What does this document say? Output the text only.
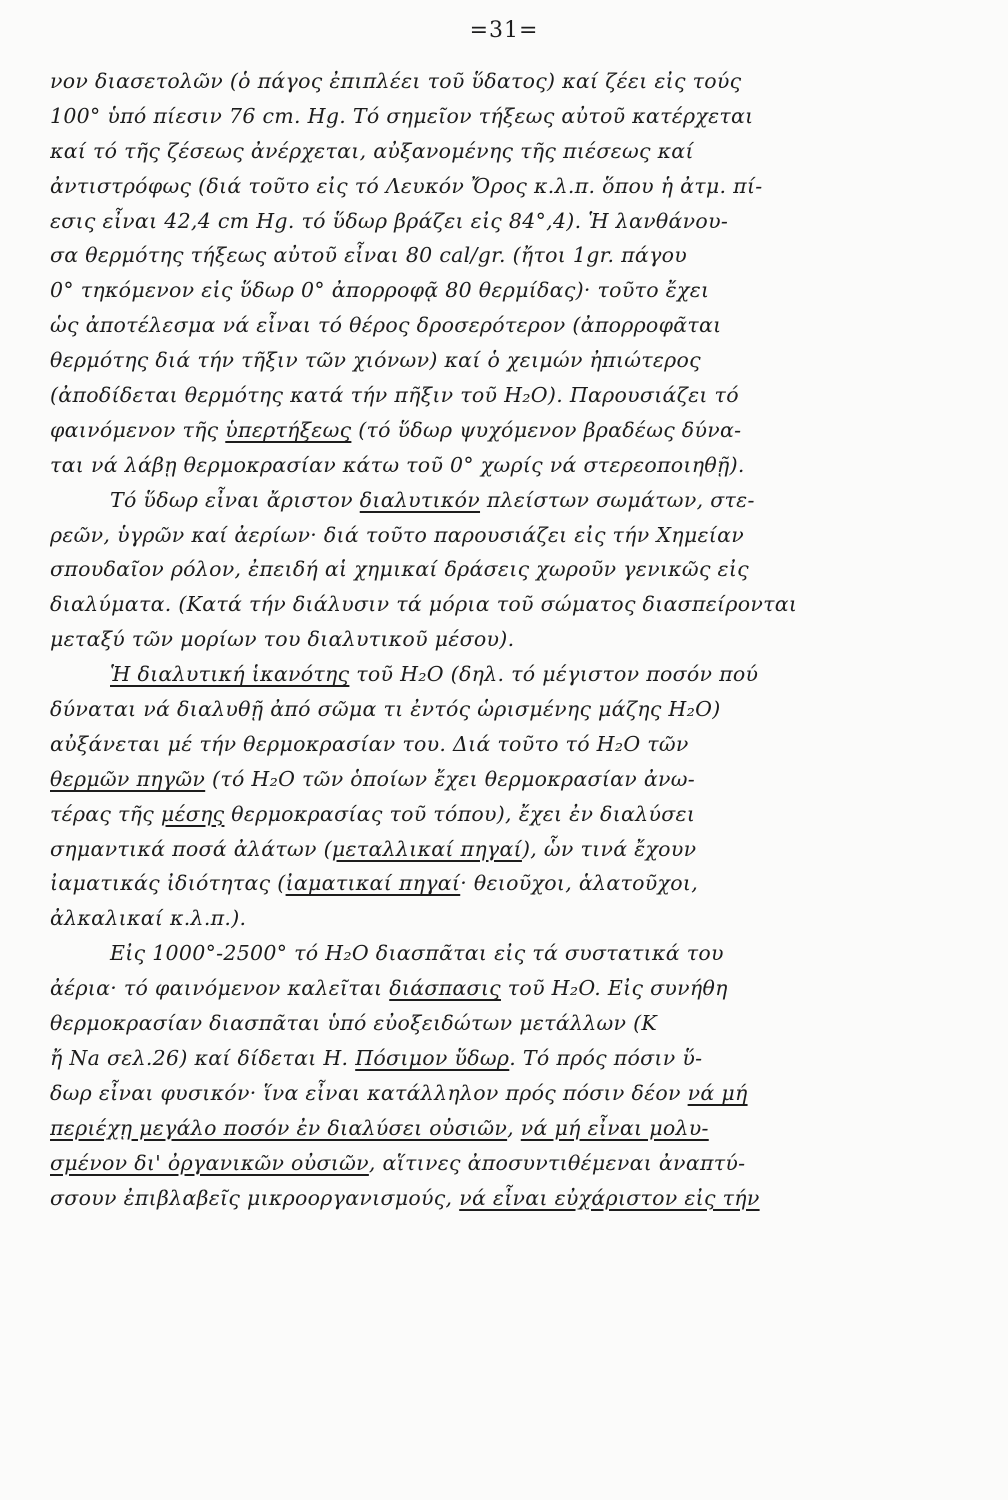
=31=
νον διασετολῶν (ὁ πάγος ἐπιπλέει τοῦ ὕδατος) καί ζέει εἰς τούς
100° ὑπό πίεσιν 76 cm. Hg. Τό σημεῖον τήξεως αὐτοῦ κατέρχεται
καί τό τῆς ζέσεως ἀνέρχεται, αὐξανομένης τῆς πιέσεως καί
ἀντιστρόφως (διά τοῦτο εἰς τό Λευκόν Ὄρος κ.λ.π. ὅπου ἡ ἀτμ. πί-
εσις εἶναι 42,4 cm Hg. τό ὕδωρ βράζει εἰς 84°,4). Ἡ λανθάνου-
σα θερμότης τήξεως αὐτοῦ εἶναι 80 cal/gr. (ἤτοι 1gr. πάγου
0° τηκόμενον εἰς ὕδωρ 0° ἀπορροφᾷ 80 θερμίδας)· τοῦτο ἔχει
ὡς ἀποτέλεσμα νά εἶναι τό θέρος δροσερότερον (ἀπορροφᾶται
θερμότης διά τήν τῆξιν τῶν χιόνων) καί ὁ χειμών ἠπιώτερος
(ἀποδίδεται θερμότης κατά τήν πῆξιν τοῦ H₂O). Παρουσιάζει τό
φαινόμενον τῆς ὑπερτήξεως (τό ὕδωρ ψυχόμενον βραδέως δύνα-
ται νά λάβῃ θερμοκρασίαν κάτω τοῦ 0° χωρίς νά στερεοποιηθῇ).
Τό ὕδωρ εἶναι ἄριστον διαλυτικόν πλείστων σωμάτων, στε-
ρεῶν, ὑγρῶν καί ἀερίων· διά τοῦτο παρουσιάζει εἰς τήν Χημείαν
σπουδαῖον ρόλον, ἐπειδή αἱ χημικαί δράσεις χωροῦν γενικῶς εἰς
διαλύματα. (Κατά τήν διάλυσιν τά μόρια τοῦ σώματος διασπείρονται
μεταξύ τῶν μορίων του διαλυτικοῦ μέσου).
Ἡ διαλυτική ἱκανότης τοῦ H₂O (δηλ. τό μέγιστον ποσόν πού
δύναται νά διαλυθῇ ἀπό σῶμα τι ἐντός ὡρισμένης μάζης H₂O)
αὐξάνεται μέ τήν θερμοκρασίαν του. Διά τοῦτο τό H₂O τῶν
θερμῶν πηγῶν (τό H₂O τῶν ὁποίων ἔχει θερμοκρασίαν ἀνω-
τέρας τῆς μέσης θερμοκρασίας τοῦ τόπου), ἔχει ἐν διαλύσει
σημαντικά ποσά ἀλάτων (μεταλλικαί πηγαί), ὧν τινά ἔχουν
ἰαματικάς ἰδιότητας (ἰαματικαί πηγαί· θειοῦχοι, ἁλατοῦχοι,
ἀλκαλικαί κ.λ.π.).
Εἰς 1000°-2500° τό H₂O διασπᾶται εἰς τά συστατικά του
ἀέρια· τό φαινόμενον καλεῖται διάσπασις τοῦ H₂O. Εἰς συνήθη
θερμοκρασίαν διασπᾶται ὑπό εὐοξειδώτων μετάλλων (K
ἤ Na σελ.26) καί δίδεται Η. Πόσιμον ὕδωρ. Τό πρός πόσιν ὕ-
δωρ εἶναι φυσικόν· ἵνα εἶναι κατάλληλον πρός πόσιν δέον νά μή
περιέχῃ μεγάλο ποσόν ἐν διαλύσει οὐσιῶν, νά μή εἶναι μολυ-
σμένον δι' ὀργανικῶν οὐσιῶν, αἵτινες ἀποσυντιθέμεναι ἀναπτύ-
σσουν ἐπιβλαβεῖς μικροοργανισμούς, νά εἶναι εὐχάριστον εἰς τήν
